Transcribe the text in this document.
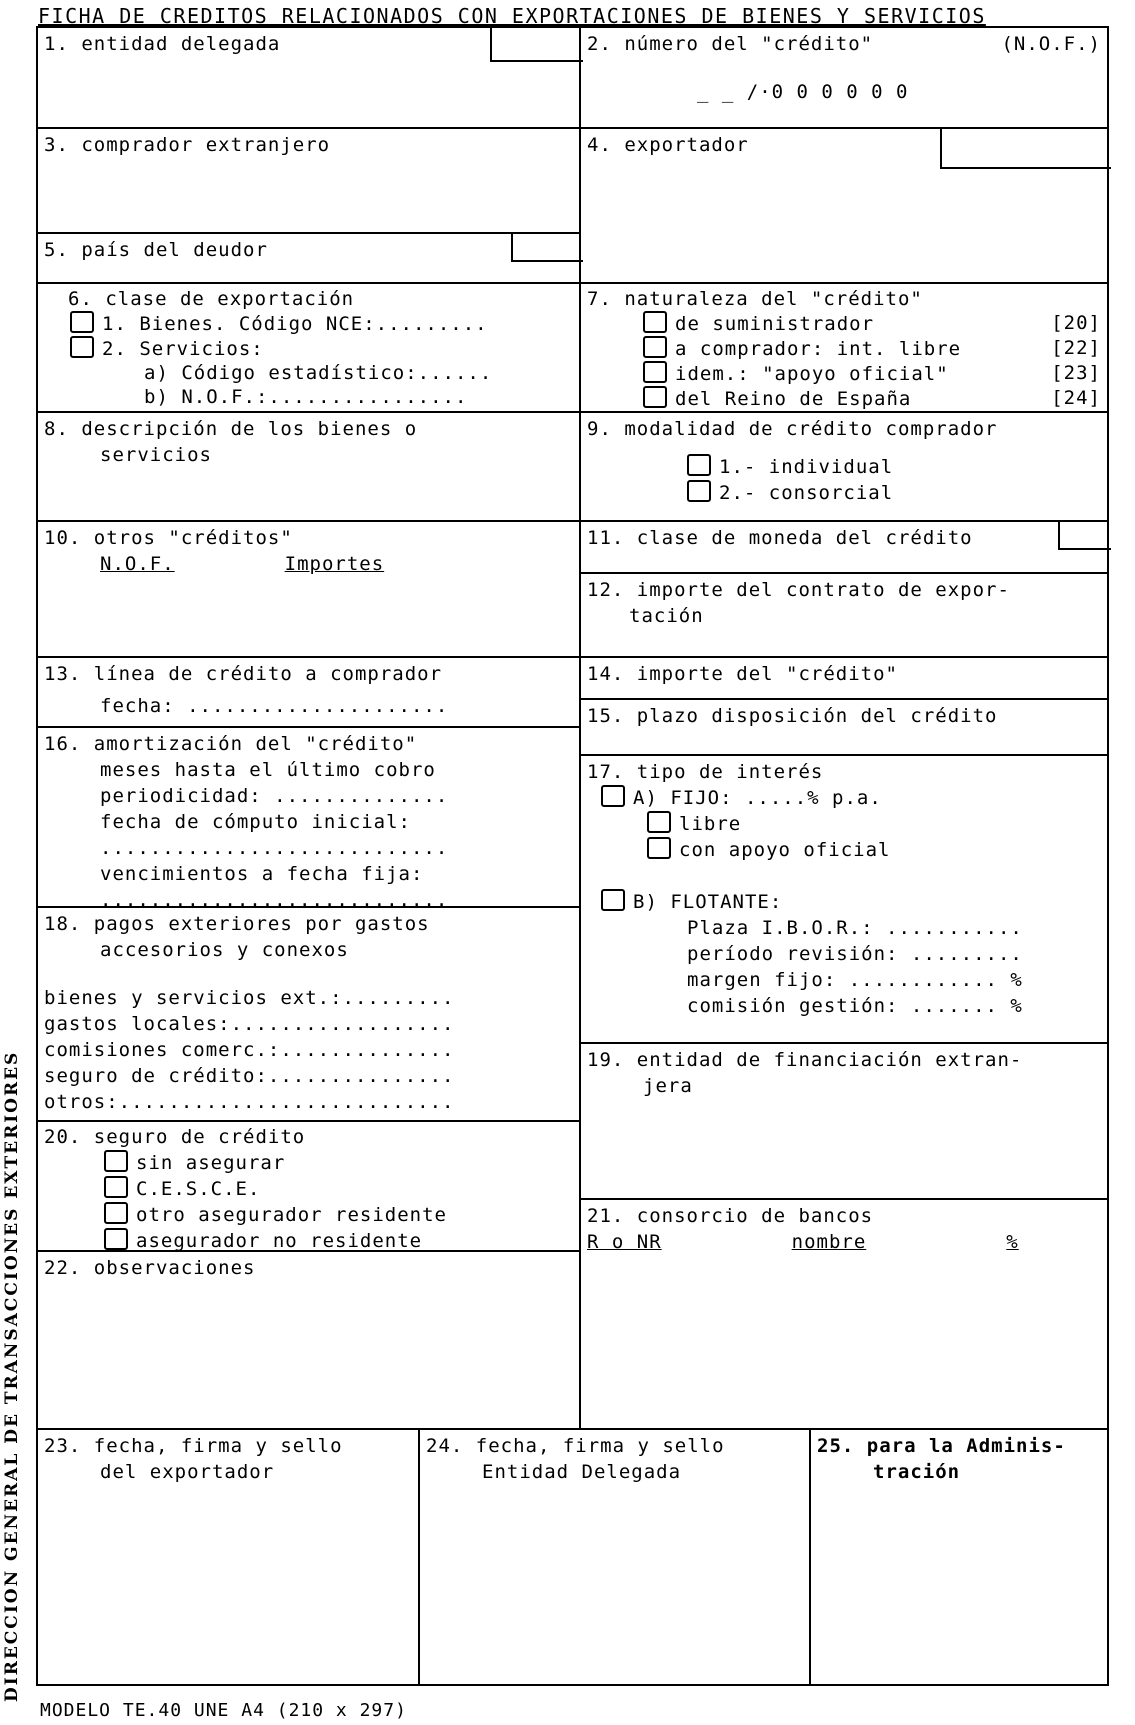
FICHA DE CREDITOS RELACIONADOS CON EXPORTACIONES DE BIENES Y SERVICIOS
DIRECCION GENERAL DE TRANSACCIONES EXTERIORES
1. entidad delegada	2. número del "crédito"	(N.O.F.)
_ _ /·0 0 0 0 0 0
3. comprador extranjero
5. país del deudor
4. exportador
6. clase de exportación
1. Bienes. Código NCE:.........
2. Servicios:
a) Código estadístico:......
b) N.O.F.:................
7. naturaleza del "crédito"
de suministrador	[20]
a comprador: int. libre	[22]
idem.: "apoyo oficial"	[23]
del Reino de España	[24]
8. descripción de los bienes o
servicios
9. modalidad de crédito comprador
1.- individual
2.- consorcial
10. otros "créditos"
N.O.F.	Importes
11. clase de moneda del crédito
12. importe del contrato de expor-
tación
13. línea de crédito a comprador
fecha: .....................
14. importe del "crédito"
15. plazo disposición del crédito
16. amortización del "crédito"
meses hasta el último cobro
periodicidad: ..............
fecha de cómputo inicial:
............................
vencimientos a fecha fija:
............................
17. tipo de interés
A) FIJO: .....% p.a.
libre
con apoyo oficial
B) FLOTANTE:
Plaza I.B.O.R.: ...........
período revisión: .........
margen fijo: ............ %
comisión gestión: ....... %
18. pagos exteriores por gastos
accesorios y conexos
bienes y servicios ext.:.........
gastos locales:..................
comisiones comerc.:..............
seguro de crédito:...............
otros:...........................
19. entidad de financiación extran-
jera
20. seguro de crédito
sin asegurar
C.E.S.C.E.
otro asegurador residente
asegurador no residente
21. consorcio de bancos
R o NR	nombre	%
22. observaciones
23. fecha, firma y sello
del exportador
24. fecha, firma y sello
Entidad Delegada
25. para la Adminis-
tración
MODELO TE.40 UNE A4 (210 x 297)
